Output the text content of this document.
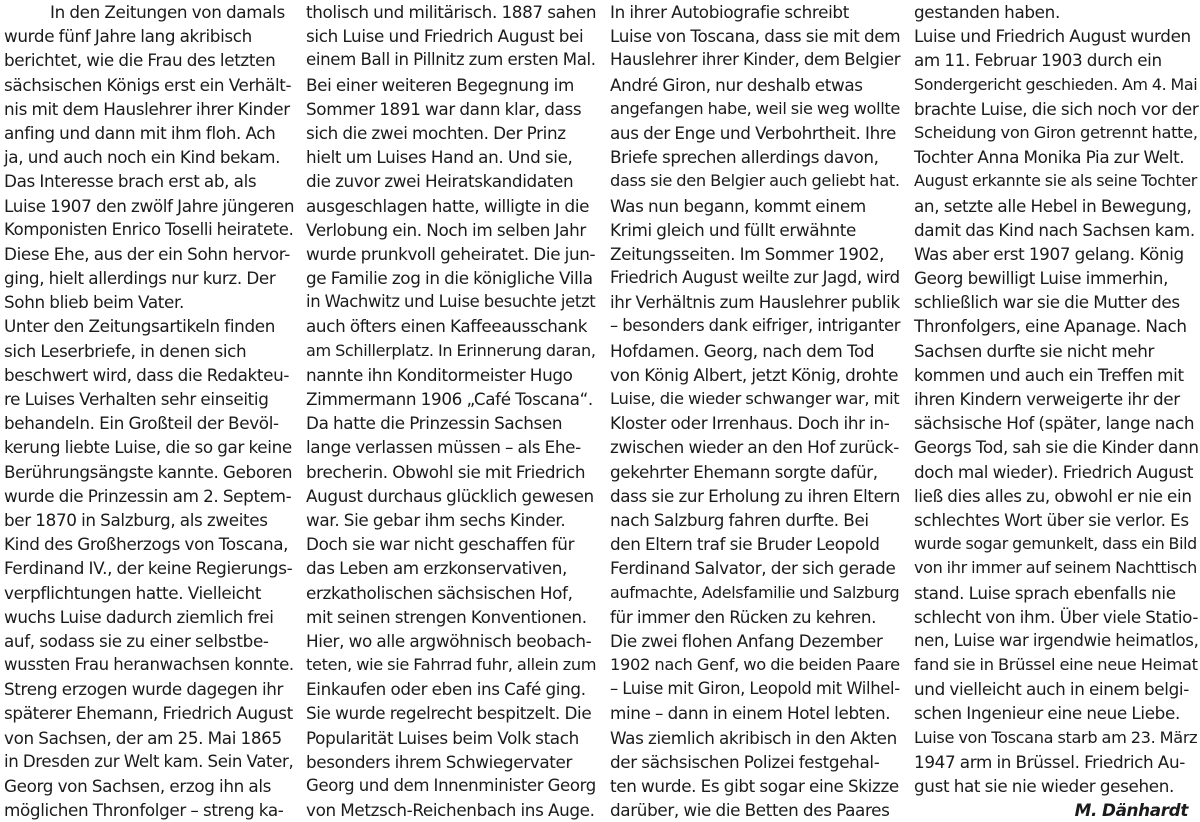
In den Zeitungen von damals
wurde fünf Jahre lang akribisch
berichtet, wie die Frau des letzten
sächsischen Königs erst ein Verhält-
nis mit dem Hauslehrer ihrer Kinder
anfing und dann mit ihm floh. Ach
ja, und auch noch ein Kind bekam.
Das Interesse brach erst ab, als
Luise 1907 den zwölf Jahre jüngeren
Komponisten Enrico Toselli heiratete.
Diese Ehe, aus der ein Sohn hervor-
ging, hielt allerdings nur kurz. Der
Sohn blieb beim Vater.
Unter den Zeitungsartikeln finden
sich Leserbriefe, in denen sich
beschwert wird, dass die Redakteu-
re Luises Verhalten sehr einseitig
behandeln. Ein Großteil der Bevöl-
kerung liebte Luise, die so gar keine
Berührungsängste kannte. Geboren
wurde die Prinzessin am 2. Septem-
ber 1870 in Salzburg, als zweites
Kind des Großherzogs von Toscana,
Ferdinand IV., der keine Regierungs-
verpflichtungen hatte. Vielleicht
wuchs Luise dadurch ziemlich frei
auf, sodass sie zu einer selbstbe-
wussten Frau heranwachsen konnte.
Streng erzogen wurde dagegen ihr
späterer Ehemann, Friedrich August
von Sachsen, der am 25. Mai 1865
in Dresden zur Welt kam. Sein Vater,
Georg von Sachsen, erzog ihn als
möglichen Thronfolger – streng ka-
tholisch und militärisch. 1887 sahen
sich Luise und Friedrich August bei
einem Ball in Pillnitz zum ersten Mal.
Bei einer weiteren Begegnung im
Sommer 1891 war dann klar, dass
sich die zwei mochten. Der Prinz
hielt um Luises Hand an. Und sie,
die zuvor zwei Heiratskandidaten
ausgeschlagen hatte, willigte in die
Verlobung ein. Noch im selben Jahr
wurde prunkvoll geheiratet. Die jun-
ge Familie zog in die königliche Villa
in Wachwitz und Luise besuchte jetzt
auch öfters einen Kaffeeausschank
am Schillerplatz. In Erinnerung daran,
nannte ihn Konditormeister Hugo
Zimmermann 1906 „Café Toscana“.
Da hatte die Prinzessin Sachsen
lange verlassen müssen – als Ehe-
brecherin. Obwohl sie mit Friedrich
August durchaus glücklich gewesen
war. Sie gebar ihm sechs Kinder.
Doch sie war nicht geschaffen für
das Leben am erzkonservativen,
erzkatholischen sächsischen Hof,
mit seinen strengen Konventionen.
Hier, wo alle argwöhnisch beobach-
teten, wie sie Fahrrad fuhr, allein zum
Einkaufen oder eben ins Café ging.
Sie wurde regelrecht bespitzelt. Die
Popularität Luises beim Volk stach
besonders ihrem Schwiegervater
Georg und dem Innenminister Georg
von Metzsch-Reichenbach ins Auge.
In ihrer Autobiografie schreibt
Luise von Toscana, dass sie mit dem
Hauslehrer ihrer Kinder, dem Belgier
André Giron, nur deshalb etwas
angefangen habe, weil sie weg wollte
aus der Enge und Verbohrtheit. Ihre
Briefe sprechen allerdings davon,
dass sie den Belgier auch geliebt hat.
Was nun begann, kommt einem
Krimi gleich und füllt erwähnte
Zeitungsseiten. Im Sommer 1902,
Friedrich August weilte zur Jagd, wird
ihr Verhältnis zum Hauslehrer publik
– besonders dank eifriger, intriganter
Hofdamen. Georg, nach dem Tod
von König Albert, jetzt König, drohte
Luise, die wieder schwanger war, mit
Kloster oder Irrenhaus. Doch ihr in-
zwischen wieder an den Hof zurück-
gekehrter Ehemann sorgte dafür,
dass sie zur Erholung zu ihren Eltern
nach Salzburg fahren durfte. Bei
den Eltern traf sie Bruder Leopold
Ferdinand Salvator, der sich gerade
aufmachte, Adelsfamilie und Salzburg
für immer den Rücken zu kehren.
Die zwei flohen Anfang Dezember
1902 nach Genf, wo die beiden Paare
– Luise mit Giron, Leopold mit Wilhel-
mine – dann in einem Hotel lebten.
Was ziemlich akribisch in den Akten
der sächsischen Polizei festgehal-
ten wurde. Es gibt sogar eine Skizze
darüber, wie die Betten des Paares
gestanden haben.
Luise und Friedrich August wurden
am 11. Februar 1903 durch ein
Sondergericht geschieden. Am 4. Mai
brachte Luise, die sich noch vor der
Scheidung von Giron getrennt hatte,
Tochter Anna Monika Pia zur Welt.
August erkannte sie als seine Tochter
an, setzte alle Hebel in Bewegung,
damit das Kind nach Sachsen kam.
Was aber erst 1907 gelang. König
Georg bewilligt Luise immerhin,
schließlich war sie die Mutter des
Thronfolgers, eine Apanage. Nach
Sachsen durfte sie nicht mehr
kommen und auch ein Treffen mit
ihren Kindern verweigerte ihr der
sächsische Hof (später, lange nach
Georgs Tod, sah sie die Kinder dann
doch mal wieder). Friedrich August
ließ dies alles zu, obwohl er nie ein
schlechtes Wort über sie verlor. Es
wurde sogar gemunkelt, dass ein Bild
von ihr immer auf seinem Nachttisch
stand. Luise sprach ebenfalls nie
schlecht von ihm. Über viele Statio-
nen, Luise war irgendwie heimatlos,
fand sie in Brüssel eine neue Heimat
und vielleicht auch in einem belgi-
schen Ingenieur eine neue Liebe.
Luise von Toscana starb am 23. März
1947 arm in Brüssel. Friedrich Au-
gust hat sie nie wieder gesehen.
M. Dänhardt
